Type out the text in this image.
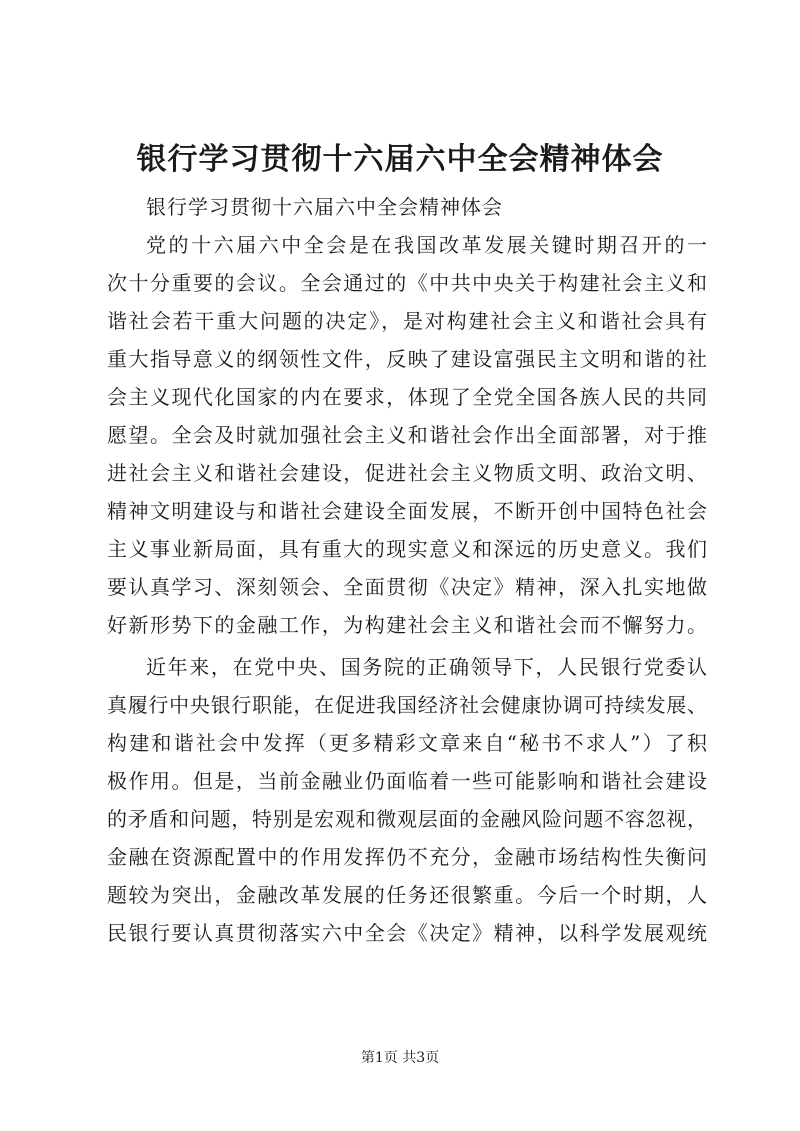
银行学习贯彻十六届六中全会精神体会

银行学习贯彻十六届六中全会精神体会

党的十六届六中全会是在我国改革发展关键时期召开的一

次十分重要的会议。全会通过的《中共中央关于构建社会主义和

谐社会若干重大问题的决定》，是对构建社会主义和谐社会具有

重大指导意义的纲领性文件，反映了建设富强民主文明和谐的社

会主义现代化国家的内在要求，体现了全党全国各族人民的共同

愿望。全会及时就加强社会主义和谐社会作出全面部署，对于推

进社会主义和谐社会建设，促进社会主义物质文明、政治文明、

精神文明建设与和谐社会建设全面发展，不断开创中国特色社会

主义事业新局面，具有重大的现实意义和深远的历史意义。我们

要认真学习、深刻领会、全面贯彻《决定》精神，深入扎实地做

好新形势下的金融工作，为构建社会主义和谐社会而不懈努力。

近年来，在党中央、国务院的正确领导下，人民银行党委认

真履行中央银行职能，在促进我国经济社会健康协调可持续发展、

构建和谐社会中发挥（更多精彩文章来自“秘书不求人”）了积

极作用。但是，当前金融业仍面临着一些可能影响和谐社会建设

的矛盾和问题，特别是宏观和微观层面的金融风险问题不容忽视，

金融在资源配置中的作用发挥仍不充分，金融市场结构性失衡问

题较为突出，金融改革发展的任务还很繁重。今后一个时期，人

民银行要认真贯彻落实六中全会《决定》精神，以科学发展观统

第1页 共3页
